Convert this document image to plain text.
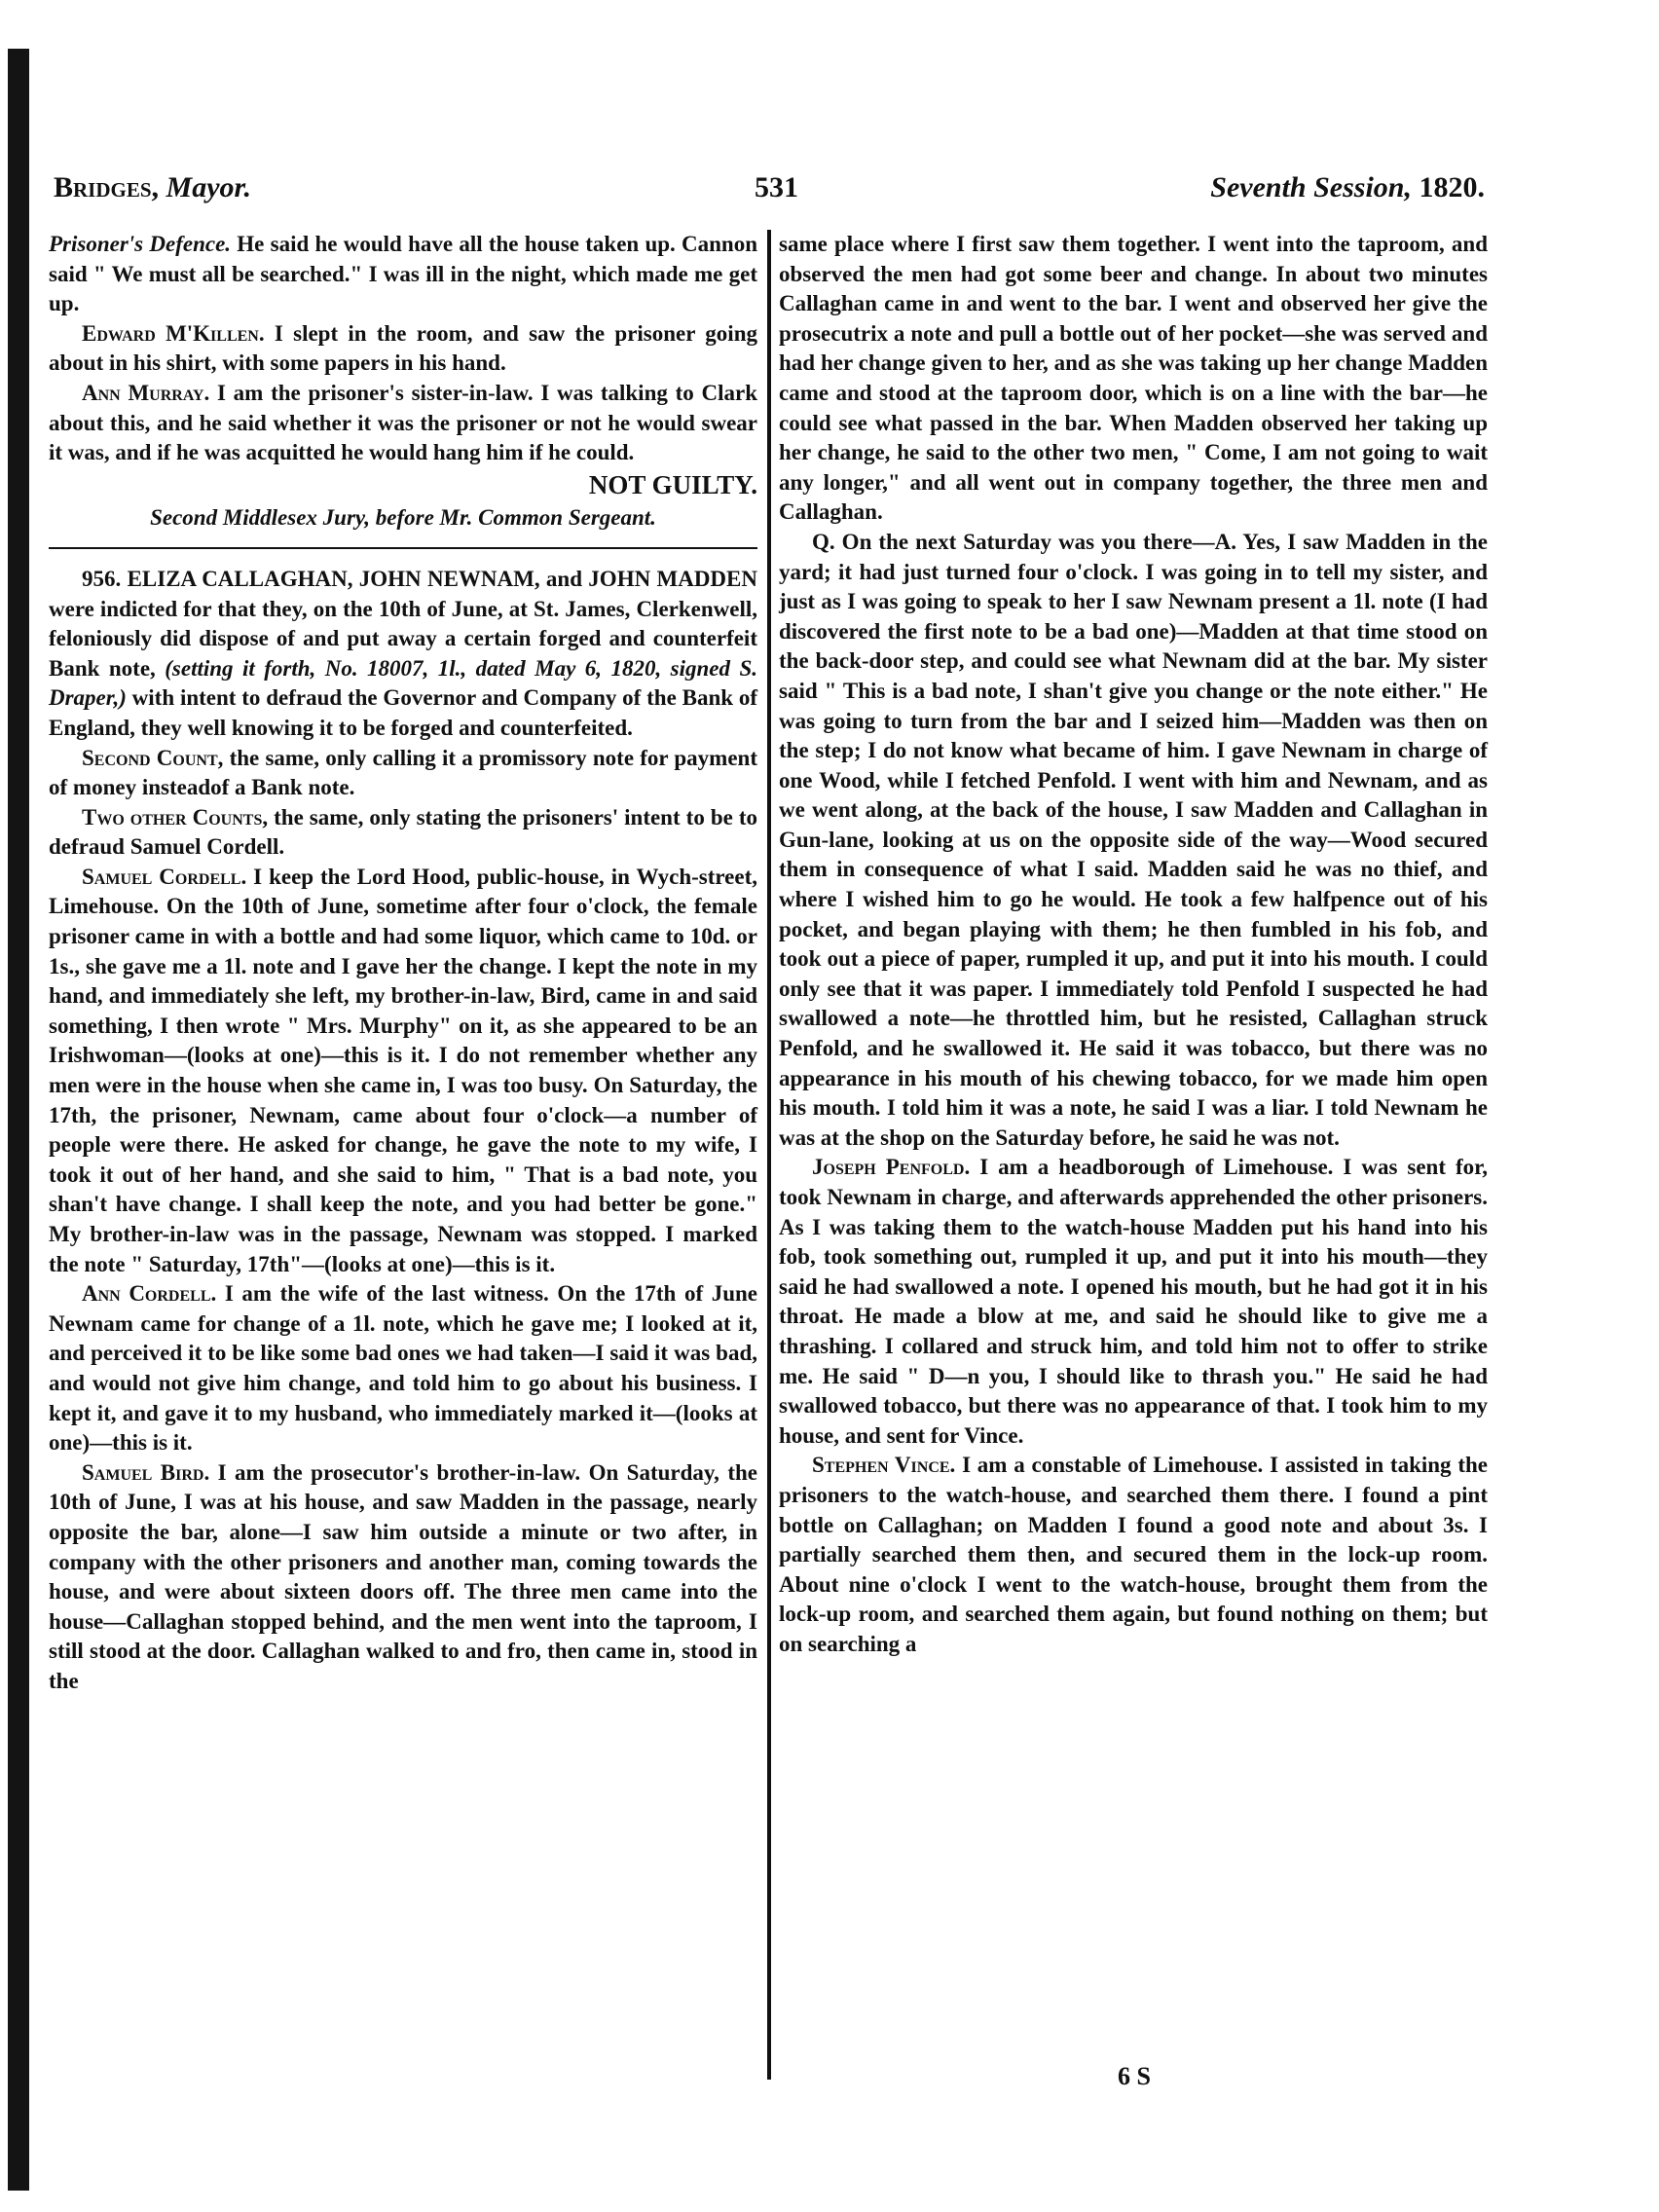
Bridges, Mayor.	531	Seventh Session, 1820.

Prisoner's Defence. He said he would have all the house taken up. Cannon said " We must all be searched." I was ill in the night, which made me get up.

Edward M'Killen. I slept in the room, and saw the prisoner going about in his shirt, with some papers in his hand.

Ann Murray. I am the prisoner's sister-in-law. I was talking to Clark about this, and he said whether it was the prisoner or not he would swear it was, and if he was acquitted he would hang him if he could.

NOT GUILTY.

Second Middlesex Jury, before Mr. Common Sergeant.

956. ELIZA CALLAGHAN, JOHN NEWNAM, and JOHN MADDEN were indicted for that they, on the 10th of June, at St. James, Clerkenwell, feloniously did dispose of and put away a certain forged and counterfeit Bank note, (setting it forth, No. 18007, 1l., dated May 6, 1820, signed S. Draper,) with intent to defraud the Governor and Company of the Bank of England, they well knowing it to be forged and counterfeited.

Second Count, the same, only calling it a promissory note for payment of money insteadof a Bank note.

Two other Counts, the same, only stating the prisoners' intent to be to defraud Samuel Cordell.

Samuel Cordell. I keep the Lord Hood, public-house, in Wych-street, Limehouse. On the 10th of June, sometime after four o'clock, the female prisoner came in with a bottle and had some liquor, which came to 10d. or 1s., she gave me a 1l. note and I gave her the change. I kept the note in my hand, and immediately she left, my brother-in-law, Bird, came in and said something, I then wrote " Mrs. Murphy" on it, as she appeared to be an Irishwoman—(looks at one)—this is it. I do not remember whether any men were in the house when she came in, I was too busy. On Saturday, the 17th, the prisoner, Newnam, came about four o'clock—a number of people were there. He asked for change, he gave the note to my wife, I took it out of her hand, and she said to him, " That is a bad note, you shan't have change. I shall keep the note, and you had better be gone." My brother-in-law was in the passage, Newnam was stopped. I marked the note " Saturday, 17th"—(looks at one)—this is it.

Ann Cordell. I am the wife of the last witness. On the 17th of June Newnam came for change of a 1l. note, which he gave me; I looked at it, and perceived it to be like some bad ones we had taken—I said it was bad, and would not give him change, and told him to go about his business. I kept it, and gave it to my husband, who immediately marked it—(looks at one)—this is it.

Samuel Bird. I am the prosecutor's brother-in-law. On Saturday, the 10th of June, I was at his house, and saw Madden in the passage, nearly opposite the bar, alone—I saw him outside a minute or two after, in company with the other prisoners and another man, coming towards the house, and were about sixteen doors off. The three men came into the house—Callaghan stopped behind, and the men went into the taproom, I still stood at the door. Callaghan walked to and fro, then came in, stood in the

same place where I first saw them together. I went into the taproom, and observed the men had got some beer and change. In about two minutes Callaghan came in and went to the bar. I went and observed her give the prosecutrix a note and pull a bottle out of her pocket—she was served and had her change given to her, and as she was taking up her change Madden came and stood at the taproom door, which is on a line with the bar—he could see what passed in the bar. When Madden observed her taking up her change, he said to the other two men, " Come, I am not going to wait any longer," and all went out in company together, the three men and Callaghan.

Q. On the next Saturday was you there—A. Yes, I saw Madden in the yard; it had just turned four o'clock. I was going in to tell my sister, and just as I was going to speak to her I saw Newnam present a 1l. note (I had discovered the first note to be a bad one)—Madden at that time stood on the back-door step, and could see what Newnam did at the bar. My sister said " This is a bad note, I shan't give you change or the note either." He was going to turn from the bar and I seized him—Madden was then on the step; I do not know what became of him. I gave Newnam in charge of one Wood, while I fetched Penfold. I went with him and Newnam, and as we went along, at the back of the house, I saw Madden and Callaghan in Gun-lane, looking at us on the opposite side of the way—Wood secured them in consequence of what I said. Madden said he was no thief, and where I wished him to go he would. He took a few halfpence out of his pocket, and began playing with them; he then fumbled in his fob, and took out a piece of paper, rumpled it up, and put it into his mouth. I could only see that it was paper. I immediately told Penfold I suspected he had swallowed a note—he throttled him, but he resisted, Callaghan struck Penfold, and he swallowed it. He said it was tobacco, but there was no appearance in his mouth of his chewing tobacco, for we made him open his mouth. I told him it was a note, he said I was a liar. I told Newnam he was at the shop on the Saturday before, he said he was not.

Joseph Penfold. I am a headborough of Limehouse. I was sent for, took Newnam in charge, and afterwards apprehended the other prisoners. As I was taking them to the watch-house Madden put his hand into his fob, took something out, rumpled it up, and put it into his mouth—they said he had swallowed a note. I opened his mouth, but he had got it in his throat. He made a blow at me, and said he should like to give me a thrashing. I collared and struck him, and told him not to offer to strike me. He said " D—n you, I should like to thrash you." He said he had swallowed tobacco, but there was no appearance of that. I took him to my house, and sent for Vince.

Stephen Vince. I am a constable of Limehouse. I assisted in taking the prisoners to the watch-house, and searched them there. I found a pint bottle on Callaghan; on Madden I found a good note and about 3s. I partially searched them then, and secured them in the lock-up room. About nine o'clock I went to the watch-house, brought them from the lock-up room, and searched them again, but found nothing on them; but on searching a

6 S
